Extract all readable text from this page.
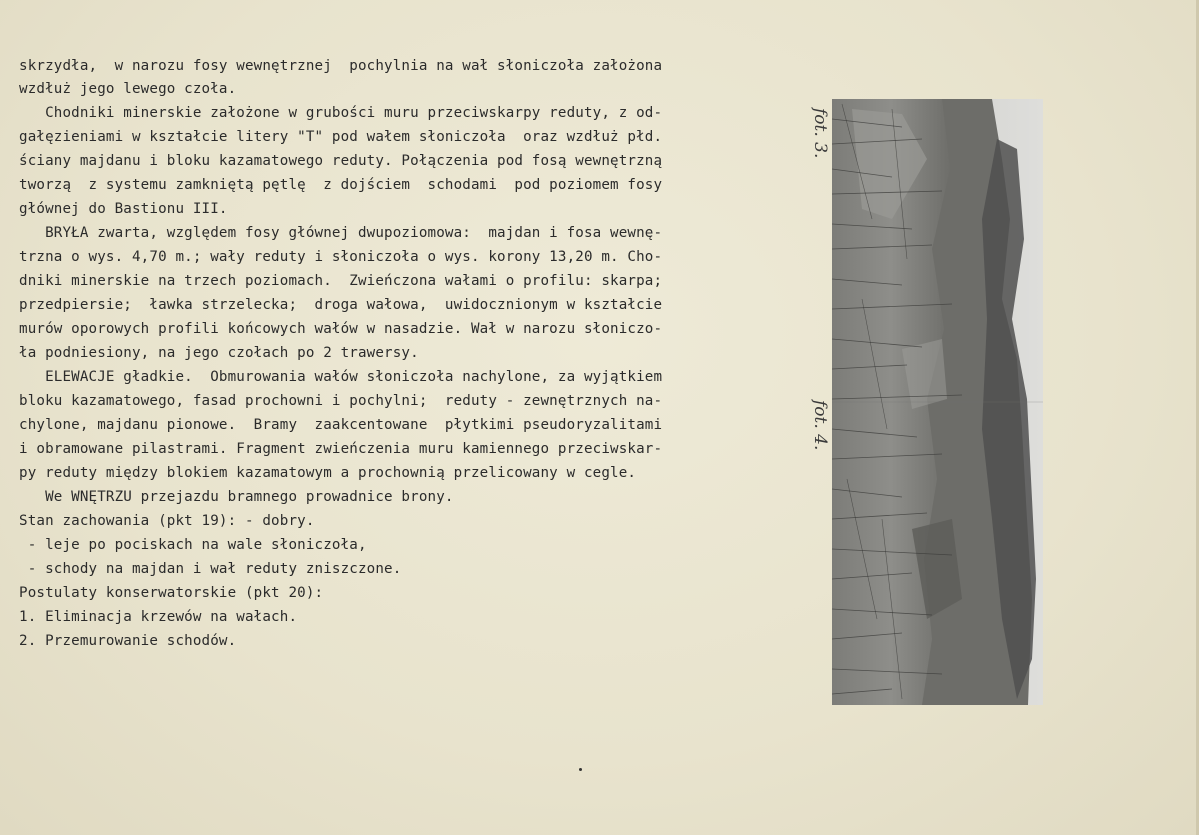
skrzydła,  w narozu fosy wewnętrznej  pochylnia na wał słoniczoła założona
wzdłuż jego lewego czoła.
Chodniki minerskie założone w grubości muru przeciwskarpy reduty, z od-
gałęzieniami w kształcie litery "T" pod wałem słoniczoła  oraz wzdłuż płd.
ściany majdanu i bloku kazamatowego reduty. Połączenia pod fosą wewnętrzną
tworzą  z systemu zamkniętą pętlę  z dojściem  schodami  pod poziomem fosy
głównej do Bastionu III.
BRYŁA zwarta, względem fosy głównej dwupoziomowa:  majdan i fosa wewnę-
trzna o wys. 4,70 m.; wały reduty i słoniczoła o wys. korony 13,20 m. Cho-
dniki minerskie na trzech poziomach.  Zwieńczona wałami o profilu: skarpa;
przedpiersie;  ławka strzelecka;  droga wałowa,  uwidocznionym w kształcie
murów oporowych profili końcowych wałów w nasadzie. Wał w narozu słoniczo-
ła podniesiony, na jego czołach po 2 trawersy.
ELEWACJE gładkie.  Obmurowania wałów słoniczoła nachylone, za wyjątkiem
bloku kazamatowego, fasad prochowni i pochylni;  reduty - zewnętrznych na-
chylone, majdanu pionowe.  Bramy  zaakcentowane  płytkimi pseudoryzalitami
i obramowane pilastrami. Fragment zwieńczenia muru kamiennego przeciwskar-
py reduty między blokiem kazamatowym a prochownią przelicowany w cegle.
We WNĘTRZU przejazdu bramnego prowadnice brony.
Stan zachowania (pkt 19): - dobry.
- leje po pociskach na wale słoniczoła,
- schody na majdan i wał reduty zniszczone.
Postulaty konserwatorskie (pkt 20):
1. Eliminacja krzewów na wałach.
2. Przemurowanie schodów.
fot. 3.
fot. 4.
